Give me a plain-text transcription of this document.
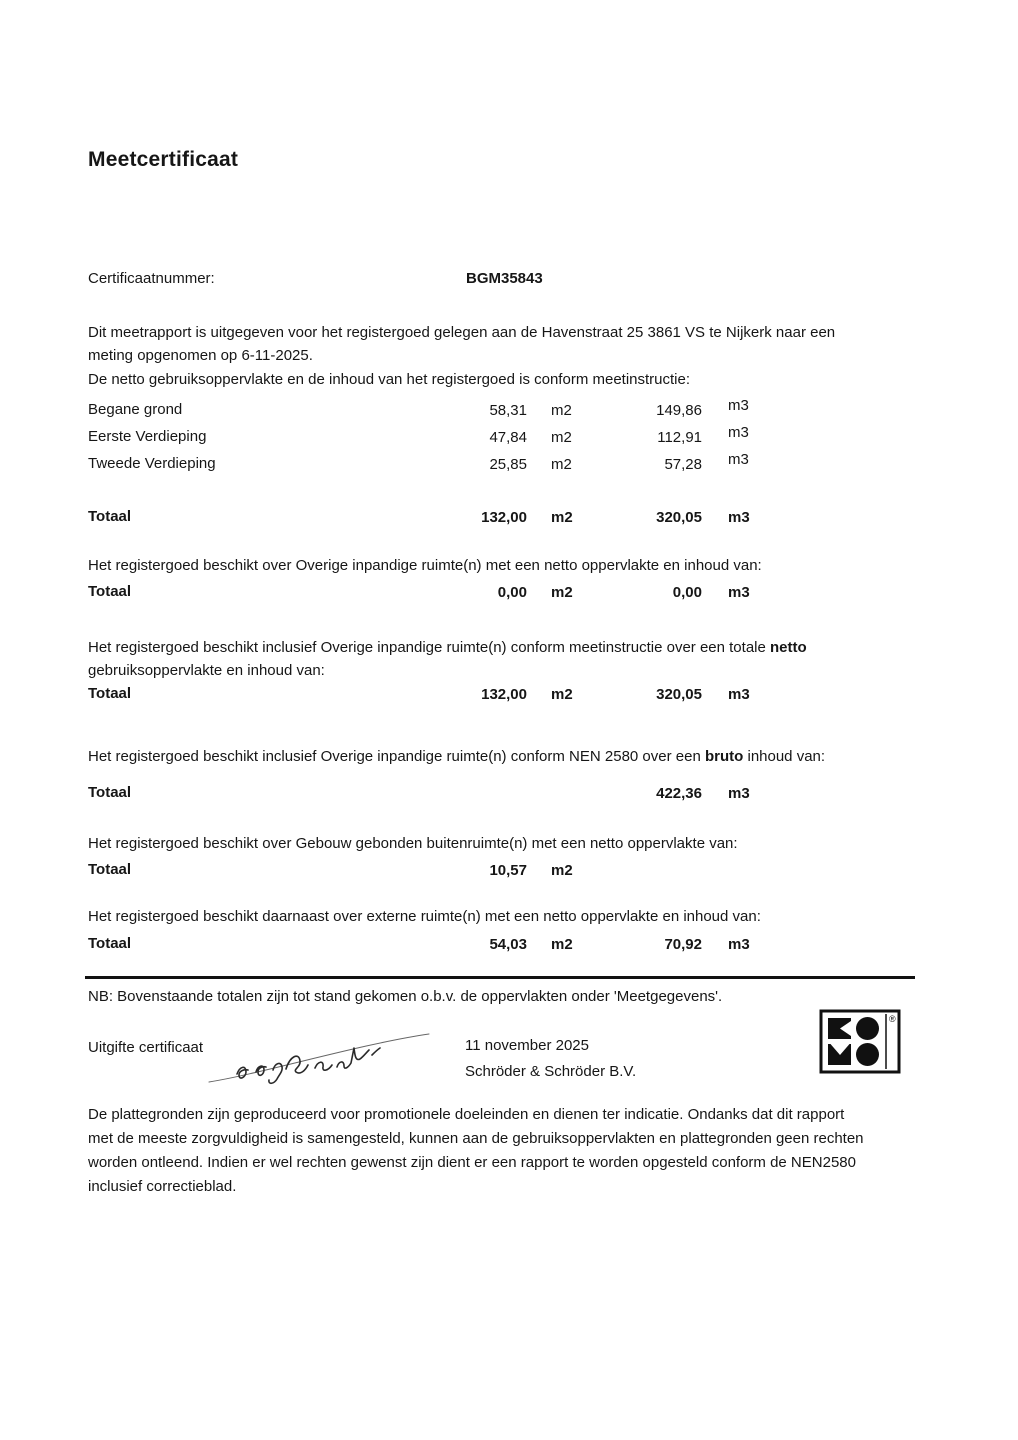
Meetcertificaat
Certificaatnummer:	BGM35843
Dit meetrapport is uitgegeven voor het registergoed gelegen aan de Havenstraat 25 3861 VS te Nijkerk naar een
meting opgenomen op 6-11-2025.
De netto gebruiksoppervlakte en de inhoud van het registergoed is conform meetinstructie:
Begane grond	58,31 m2	149,86 m3
Eerste Verdieping	47,84 m2	112,91 m3
Tweede Verdieping	25,85 m2	57,28 m3
Totaal	132,00 m2	320,05 m3
Het registergoed beschikt over Overige inpandige ruimte(n) met een netto oppervlakte en inhoud van:
Totaal	0,00 m2	0,00 m3
Het registergoed beschikt inclusief Overige inpandige ruimte(n) conform meetinstructie over een totale netto
gebruiksoppervlakte en inhoud van:
Totaal	132,00 m2	320,05 m3
Het registergoed beschikt inclusief Overige inpandige ruimte(n) conform NEN 2580 over een bruto inhoud van:
Totaal	422,36 m3
Het registergoed beschikt over Gebouw gebonden buitenruimte(n) met een netto oppervlakte van:
Totaal	10,57 m2
Het registergoed beschikt daarnaast over externe ruimte(n) met een netto oppervlakte en inhoud van:
Totaal	54,03 m2	70,92 m3
NB: Bovenstaande totalen zijn tot stand gekomen o.b.v. de oppervlakten onder 'Meetgegevens'.
Uitgifte certificaat	11 november 2025
Schröder & Schröder B.V.
®
De plattegronden zijn geproduceerd voor promotionele doeleinden en dienen ter indicatie. Ondanks dat dit rapport
met de meeste zorgvuldigheid is samengesteld, kunnen aan de gebruiksoppervlakten en plattegronden geen rechten
worden ontleend. Indien er wel rechten gewenst zijn dient er een rapport te worden opgesteld conform de NEN2580
inclusief correctieblad.
